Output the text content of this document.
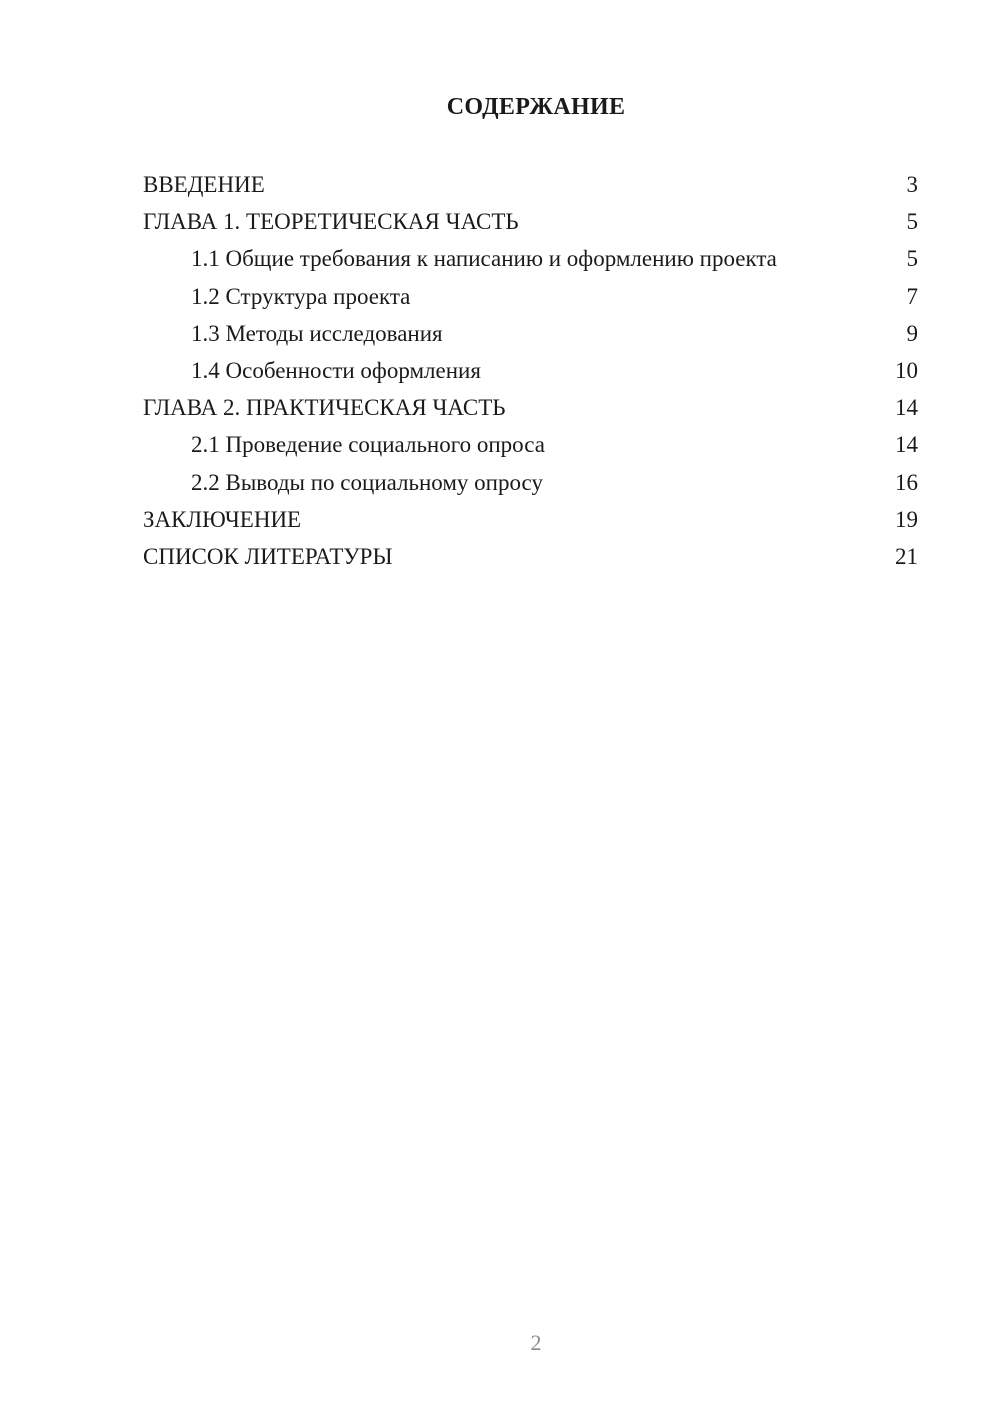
СОДЕРЖАНИЕ
ВВЕДЕНИЕ	3
ГЛАВА 1. ТЕОРЕТИЧЕСКАЯ ЧАСТЬ	5
1.1 Общие требования к написанию и оформлению проекта	5
1.2 Структура проекта	7
1.3 Методы исследования	9
1.4 Особенности оформления	10
ГЛАВА 2. ПРАКТИЧЕСКАЯ ЧАСТЬ	14
2.1 Проведение социального опроса	14
2.2 Выводы по социальному опросу	16
ЗАКЛЮЧЕНИЕ	19
СПИСОК ЛИТЕРАТУРЫ	21
2
